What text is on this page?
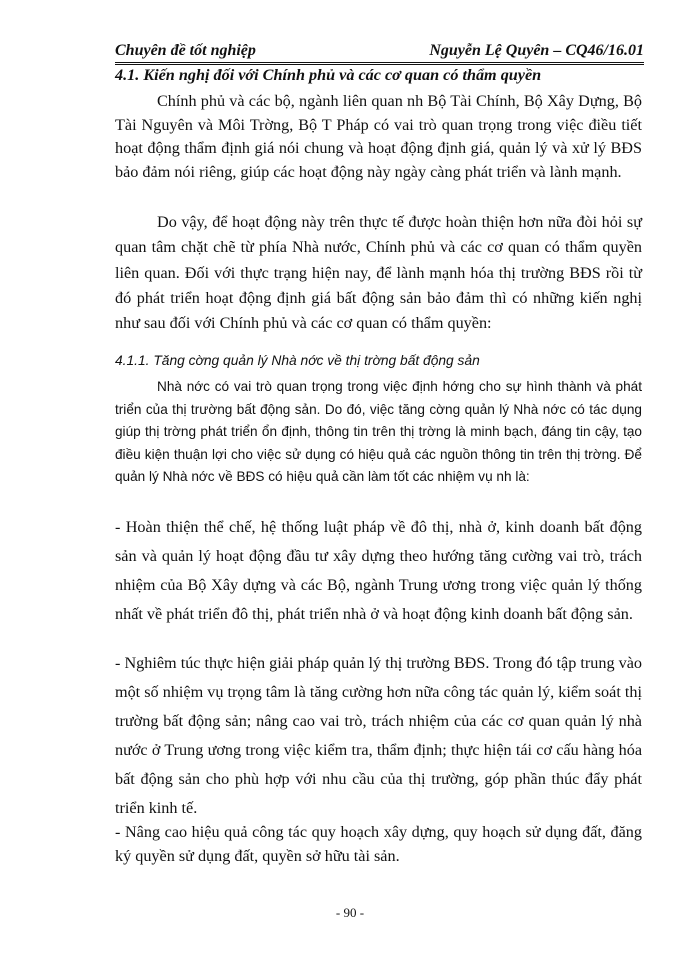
Chuyên đề tốt nghiệp	Nguyễn Lệ Quyên – CQ46/16.01
4.1. Kiến nghị đối với Chính phủ và các cơ quan có thẩm quyền
Chính phủ và các bộ, ngành liên quan nh Bộ Tài Chính, Bộ Xây Dựng, Bộ Tài Nguyên và Môi Trờng, Bộ T Pháp có vai trò quan trọng trong việc điều tiết hoạt động thẩm định giá nói chung và hoạt động định giá, quản lý và xử lý BĐS bảo đảm nói riêng, giúp các hoạt động này ngày càng phát triển và lành mạnh.
Do vậy, để hoạt động này trên thực tế được hoàn thiện hơn nữa đòi hỏi sự quan tâm chặt chẽ từ phía Nhà nước, Chính phủ và các cơ quan có thẩm quyền liên quan. Đối với thực trạng hiện nay, để lành mạnh hóa thị trường BĐS rồi từ đó phát triển hoạt động định giá bất động sản bảo đảm thì có những kiến nghị như sau đối với Chính phủ và các cơ quan có thẩm quyền:
4.1.1. Tăng cờng quản lý Nhà nớc về thị trờng bất động sản
Nhà nớc có vai trò quan trọng trong việc định hớng cho sự hình thành và phát triển của thị trường bất động sản. Do đó, việc tăng cờng quản lý Nhà nớc có tác dụng giúp thị trờng phát triển ổn định, thông tin trên thị trờng là minh bạch, đáng tin cậy, tạo điều kiện thuận lợi cho việc sử dụng có hiệu quả các nguồn thông tin trên thị trờng. Để quản lý Nhà nớc về BĐS có hiệu quả cần làm tốt các nhiệm vụ nh là:
- Hoàn thiện thể chế, hệ thống luật pháp về đô thị, nhà ở, kinh doanh bất động sản và quản lý hoạt động đầu tư xây dựng theo hướng tăng cường vai trò, trách nhiệm của Bộ Xây dựng và các Bộ, ngành Trung ương trong việc quản lý thống nhất về phát triển đô thị, phát triển nhà ở và hoạt động kinh doanh bất động sản.
- Nghiêm túc thực hiện giải pháp quản lý thị trường BĐS. Trong đó tập trung vào một số nhiệm vụ trọng tâm là tăng cường hơn nữa công tác quản lý, kiểm soát thị trường bất động sản; nâng cao vai trò, trách nhiệm của các cơ quan quản lý nhà nước ở Trung ương trong việc kiểm tra, thẩm định; thực hiện tái cơ cấu hàng hóa bất động sản cho phù hợp với nhu cầu của thị trường, góp phần thúc đẩy phát triển kinh tế.
- Nâng cao hiệu quả công tác quy hoạch xây dựng, quy hoạch sử dụng đất, đăng ký quyền sử dụng đất, quyền sở hữu tài sản.
- 90 -
